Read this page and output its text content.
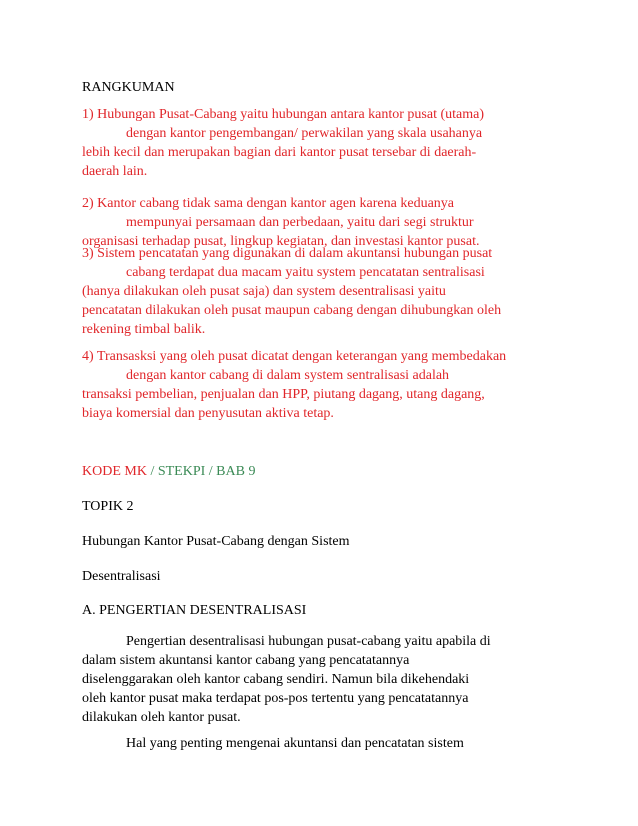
RANGKUMAN
1) Hubungan Pusat-Cabang yaitu hubungan antara kantor pusat (utama)
dengan kantor pengembangan/ perwakilan yang skala usahanya
lebih kecil dan merupakan bagian dari kantor pusat tersebar di daerah-
daerah lain.
2) Kantor cabang tidak sama dengan kantor agen karena keduanya
mempunyai persamaan dan perbedaan, yaitu dari segi struktur
organisasi terhadap pusat, lingkup kegiatan, dan investasi kantor pusat.
3) Sistem pencatatan yang digunakan di dalam akuntansi hubungan pusat
cabang terdapat dua macam yaitu system pencatatan sentralisasi
(hanya dilakukan oleh pusat saja) dan system desentralisasi yaitu
pencatatan dilakukan oleh pusat maupun cabang dengan dihubungkan oleh
rekening timbal balik.
4) Transasksi yang oleh pusat dicatat dengan keterangan yang membedakan
dengan kantor cabang di dalam system sentralisasi adalah
transaksi pembelian, penjualan dan HPP, piutang dagang, utang dagang,
biaya komersial dan penyusutan aktiva tetap.
KODE MK / STEKPI / BAB 9
TOPIK 2
Hubungan Kantor Pusat-Cabang dengan Sistem
Desentralisasi
A. PENGERTIAN DESENTRALISASI
Pengertian desentralisasi hubungan pusat-cabang yaitu apabila di
dalam sistem akuntansi kantor cabang yang pencatatannya
diselenggarakan oleh kantor cabang sendiri. Namun bila dikehendaki
oleh kantor pusat maka terdapat pos-pos tertentu yang pencatatannya
dilakukan oleh kantor pusat.
Hal yang penting mengenai akuntansi dan pencatatan sistem
